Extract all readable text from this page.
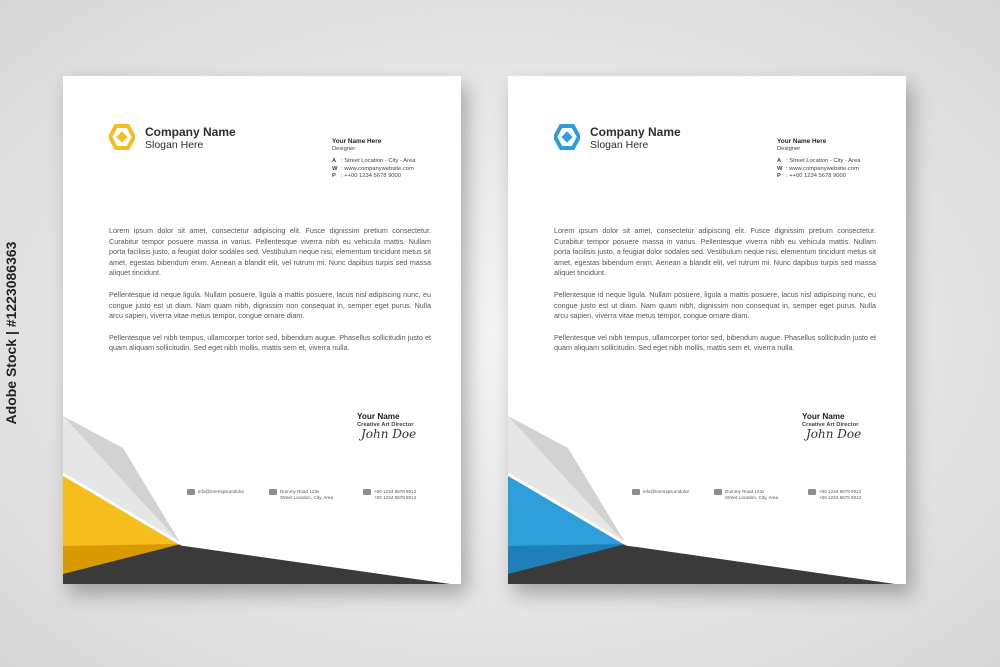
Adobe Stock | #1223086363
Company Name
Slogan Here	Your Name Here
Designer
A : Street Location - City - Area
W : www.companywebsite.com
P : ++00 1234 5678 9000

Lorem ipsum dolor sit amet, consectetur adipiscing elit. Fusce dignissim pretium consectetur. Curabitur tempor posuere massa in varius. Pellentesque viverra nibh eu vehicula mattis. Nullam porta facilisis justo, a feugiat dolor sodales sed. Vestibulum neque nisi, elementum tincidunt metus sit amet, egestas bibendum enim. Aenean a blandit elit, vel rutrum mi. Nunc dapibus turpis sed massa aliquet tincidunt.

Pellentesque id neque ligula. Nullam posuere, ligula a mattis posuere, lacus nisl adipiscing nunc, eu congue justo est ut diam. Nam quam nibh, dignissim non consequat in, semper eget purus. Nulla arcu sapien, viverra vitae metus tempor, congue ornare diam.

Pellentesque vel nibh tempus, ullamcorper tortor sed, bibendum augue. Phasellus sollicitudin justo et quam aliquam sollicitudin. Sed eget nibh mollis, mattis sem et, viverra nulla.

Your Name
Creative Art Director
John Doe
info@loremipsumdolor	Dummy Road 123x
Street Location, City, Area
+00 1234 5678 9012
+00 1234 5678 9012
Company Name
Slogan Here	Your Name Here
Designer
A : Street Location - City - Area
W : www.companywebsite.com
P : ++00 1234 5678 9000

Lorem ipsum dolor sit amet, consectetur adipiscing elit. Fusce dignissim pretium consectetur. Curabitur tempor posuere massa in varius. Pellentesque viverra nibh eu vehicula mattis. Nullam porta facilisis justo, a feugiat dolor sodales sed. Vestibulum neque nisi, elementum tincidunt metus sit amet, egestas bibendum enim. Aenean a blandit elit, vel rutrum mi. Nunc dapibus turpis sed massa aliquet tincidunt.

Pellentesque id neque ligula. Nullam posuere, ligula a mattis posuere, lacus nisl adipiscing nunc, eu congue justo est ut diam. Nam quam nibh, dignissim non consequat in, semper eget purus. Nulla arcu sapien, viverra vitae metus tempor, congue ornare diam.

Pellentesque vel nibh tempus, ullamcorper tortor sed, bibendum augue. Phasellus sollicitudin justo et quam aliquam sollicitudin. Sed eget nibh mollis, mattis sem et, viverra nulla.

Your Name
Creative Art Director
John Doe
info@loremipsumdolor	Dummy Road 123x
Street Location, City, Area
+00 1234 5678 9012
+00 1234 5678 9012
